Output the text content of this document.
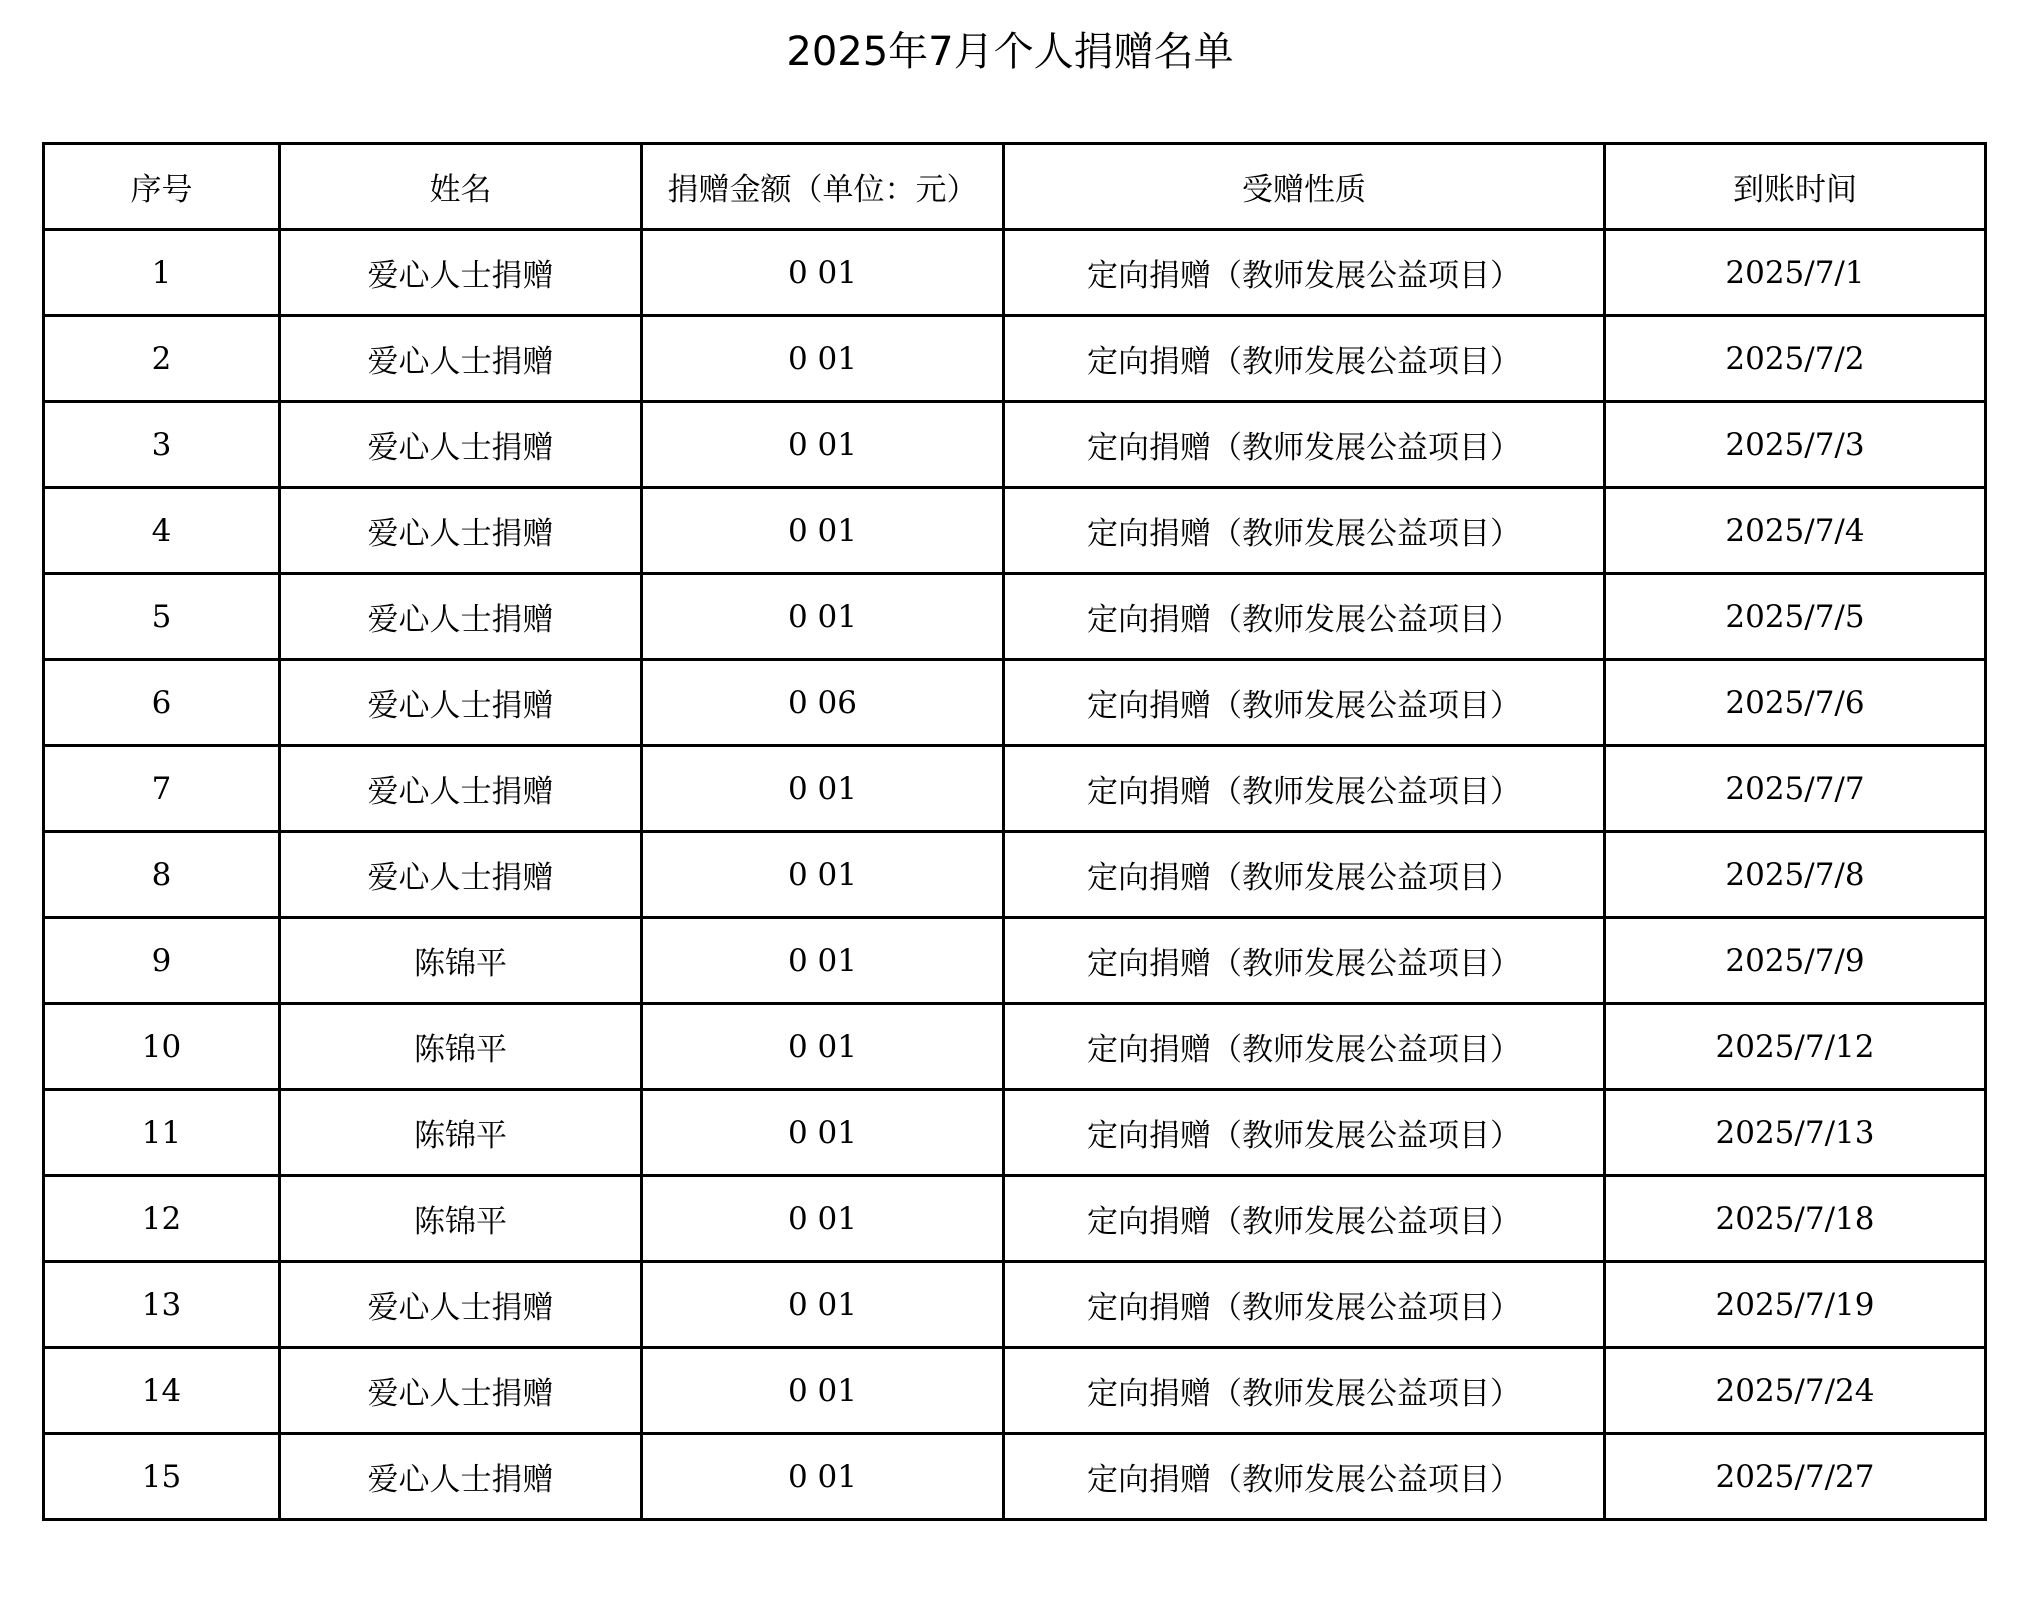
2025年7月个人捐赠名单
序号	姓名	捐赠金额（单位：元）	受赠性质	到账时间
1	爱心人士捐赠	0 01	定向捐赠（教师发展公益项目）	2025/7/1
2	爱心人士捐赠	0 01	定向捐赠（教师发展公益项目）	2025/7/2
3	爱心人士捐赠	0 01	定向捐赠（教师发展公益项目）	2025/7/3
4	爱心人士捐赠	0 01	定向捐赠（教师发展公益项目）	2025/7/4
5	爱心人士捐赠	0 01	定向捐赠（教师发展公益项目）	2025/7/5
6	爱心人士捐赠	0 06	定向捐赠（教师发展公益项目）	2025/7/6
7	爱心人士捐赠	0 01	定向捐赠（教师发展公益项目）	2025/7/7
8	爱心人士捐赠	0 01	定向捐赠（教师发展公益项目）	2025/7/8
9	陈锦平	0 01	定向捐赠（教师发展公益项目）	2025/7/9
10	陈锦平	0 01	定向捐赠（教师发展公益项目）	2025/7/12
11	陈锦平	0 01	定向捐赠（教师发展公益项目）	2025/7/13
12	陈锦平	0 01	定向捐赠（教师发展公益项目）	2025/7/18
13	爱心人士捐赠	0 01	定向捐赠（教师发展公益项目）	2025/7/19
14	爱心人士捐赠	0 01	定向捐赠（教师发展公益项目）	2025/7/24
15	爱心人士捐赠	0 01	定向捐赠（教师发展公益项目）	2025/7/27
